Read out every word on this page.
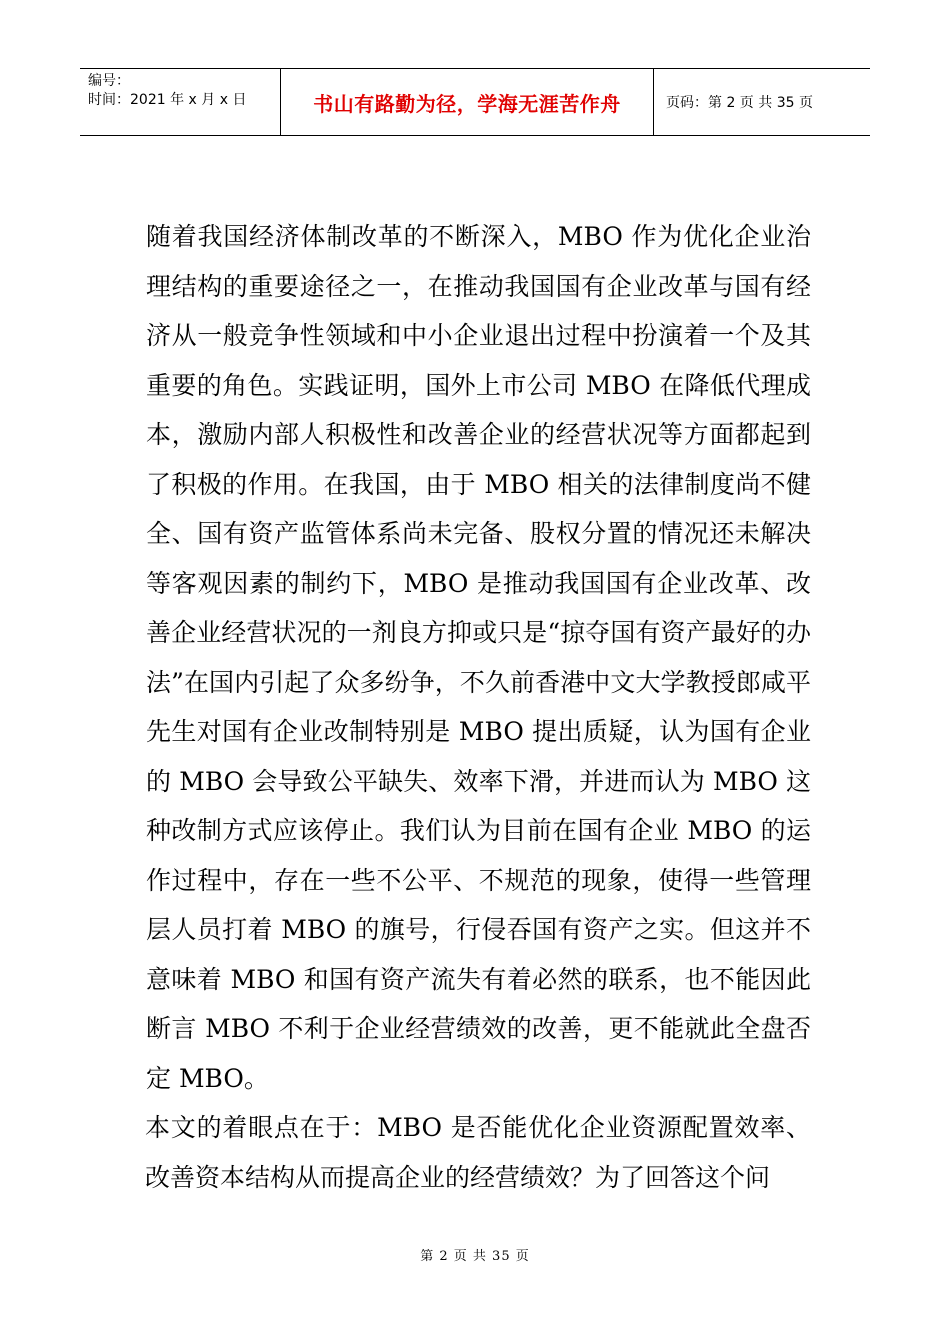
编号：
时间：2021 年 x 月 x 日	书山有路勤为径，学海无涯苦作舟	页码：第 2 页 共 35 页

随着我国经济体制改革的不断深入，MBO 作为优化企业治理结构的重要途径之一，在推动我国国有企业改革与国有经济从一般竞争性领域和中小企业退出过程中扮演着一个及其重要的角色。实践证明，国外上市公司 MBO 在降低代理成本，激励内部人积极性和改善企业的经营状况等方面都起到了积极的作用。在我国，由于 MBO 相关的法律制度尚不健全、国有资产监管体系尚未完备、股权分置的情况还未解决等客观因素的制约下，MBO 是推动我国国有企业改革、改善企业经营状况的一剂良方抑或只是“掠夺国有资产最好的办法”在国内引起了众多纷争，不久前香港中文大学教授郎咸平先生对国有企业改制特别是 MBO 提出质疑，认为国有企业的 MBO 会导致公平缺失、效率下滑，并进而认为 MBO 这种改制方式应该停止。我们认为目前在国有企业 MBO 的运作过程中，存在一些不公平、不规范的现象，使得一些管理层人员打着 MBO 的旗号，行侵吞国有资产之实。但这并不意味着 MBO 和国有资产流失有着必然的联系，也不能因此断言 MBO 不利于企业经营绩效的改善，更不能就此全盘否定 MBO。

本文的着眼点在于：MBO 是否能优化企业资源配置效率、改善资本结构从而提高企业的经营绩效？为了回答这个问

第 2 页 共 35 页
